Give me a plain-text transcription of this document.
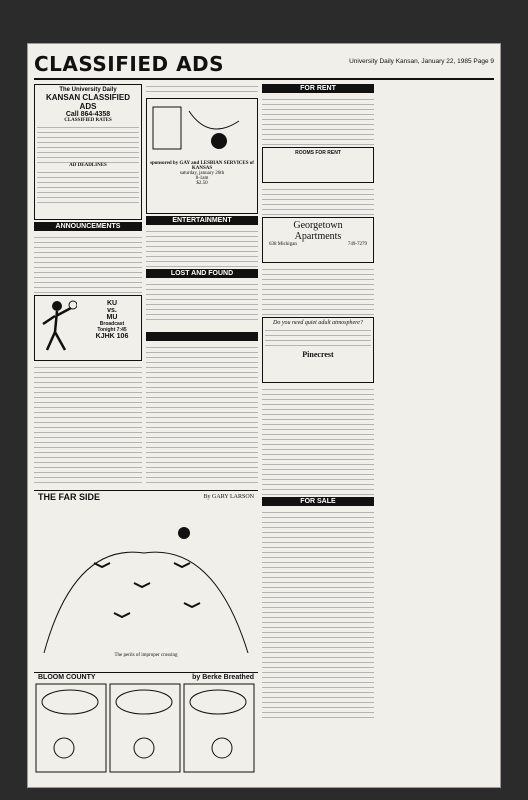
CLASSIFIED ADS	University Daily Kansan, January 22, 1985 Page 9
The University Daily
KANSAN CLASSIFIED ADS
Call 864-4358
CLASSIFIED RATES
AD DEADLINES
ANNOUNCEMENTS
KU
vs.
MU
Broadcast
Tonight 7:45
KJHK 106
sponsored by GAY and LESBIAN SERVICES of KANSAS
saturday, january 26th
8-1am
$2.50
ENTERTAINMENT
LOST AND FOUND
THE FAR SIDE	By GARY LARSON
The perils of improper crossing
BLOOM COUNTY	by Berke Breathed

FOR RENT
ROOMS FOR RENT
Georgetown
Apartments
638 Michigan	749-7279
Do you need quiet adult atmosphere?
Pinecrest
FOR SALE
